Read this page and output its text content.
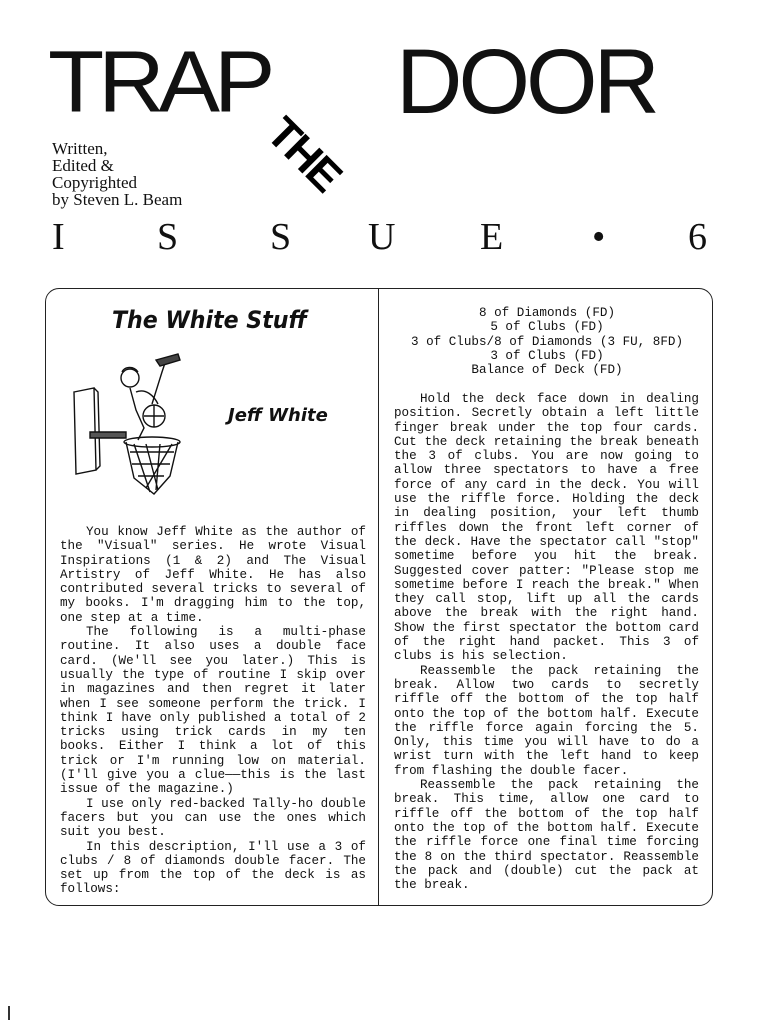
TRAP
THE
DOOR
Written,
Edited &
Copyrighted
by Steven L. Beam
I S S U E • 6
The White Stuff
Jeff White

You know Jeff White as the author of the "Visual" series. He wrote Visual Inspirations (1 & 2) and The Visual Artistry of Jeff White. He has also contributed several tricks to several of my books. I'm dragging him to the top, one step at a time.

The following is a multi-phase routine. It also uses a double face card. (We'll see you later.) This is usually the type of routine I skip over in magazines and then regret it later when I see someone perform the trick. I think I have only published a total of 2 tricks using trick cards in my ten books. Either I think a lot of this trick or I'm running low on material. (I'll give you a clue——this is the last issue of the magazine.)

I use only red-backed Tally-ho double facers but you can use the ones which suit you best.

In this description, I'll use a 3 of clubs / 8 of diamonds double facer. The set up from the top of the deck is as follows:

8 of Diamonds (FD)
5 of Clubs (FD)
3 of Clubs/8 of Diamonds (3 FU, 8FD)
3 of Clubs (FD)
Balance of Deck (FD)

Hold the deck face down in dealing position. Secretly obtain a left little finger break under the top four cards. Cut the deck retaining the break beneath the 3 of clubs. You are now going to allow three spectators to have a free force of any card in the deck. You will use the riffle force. Holding the deck in dealing position, your left thumb riffles down the front left corner of the deck. Have the spectator call "stop" sometime before you hit the break. Suggested cover patter: "Please stop me sometime before I reach the break." When they call stop, lift up all the cards above the break with the right hand. Show the first spectator the bottom card of the right hand packet. This 3 of clubs is his selection.

Reassemble the pack retaining the break. Allow two cards to secretly riffle off the bottom of the top half onto the top of the bottom half. Execute the riffle force again forcing the 5. Only, this time you will have to do a wrist turn with the left hand to keep from flashing the double facer.

Reassemble the pack retaining the break. This time, allow one card to riffle off the bottom of the top half onto the top of the bottom half. Execute the riffle force one final time forcing the 8 on the third spectator. Reassemble the pack and (double) cut the pack at the break.
